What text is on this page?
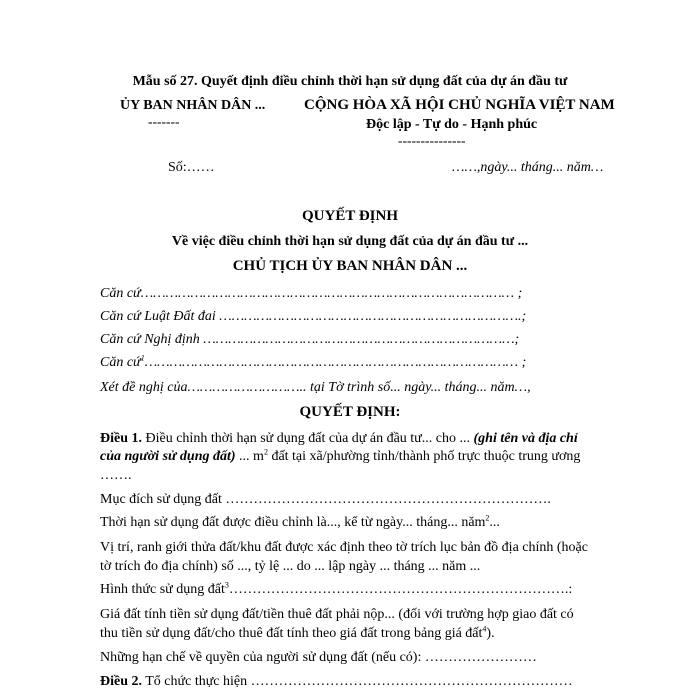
Mẫu số 27. Quyết định điều chỉnh thời hạn sử dụng đất của dự án đầu tư
ỦY BAN NHÂN DÂN ...
-------
CỘNG HÒA XÃ HỘI CHỦ NGHĨA VIỆT NAM
Độc lập - Tự do - Hạnh phúc
---------------
Số:……	……,ngày... tháng... năm…
QUYẾT ĐỊNH
Về việc điều chỉnh thời hạn sử dụng đất của dự án đầu tư ...
CHỦ TỊCH ỦY BAN NHÂN DÂN ...
Căn cứ……………………………………………………………………………… ;
Căn cứ Luật Đất đai ……………………………………………………………….;
Căn cứ Nghị định …………………………………………………………………;
Căn cứ$^1$……………………………………………………………………………… ;
Xét đề nghị của……………………….. tại Tờ trình số... ngày... tháng... năm…,
QUYẾT ĐỊNH:
Điều 1. Điều chỉnh thời hạn sử dụng đất của dự án đầu tư... cho ... (ghi tên và địa chỉ
của người sử dụng đất) ... $m^2$ đất tại xã/phường tỉnh/thành phố trực thuộc trung ương
…….
Mục đích sử dụng đất …………………………………………………………….
Thời hạn sử dụng đất được điều chỉnh là..., kể từ ngày... tháng... năm$^2$...
Vị trí, ranh giới thửa đất/khu đất được xác định theo tờ trích lục bản đồ địa chính (hoặc
tờ trích đo địa chính) số ..., tỷ lệ ... do ... lập ngày ... tháng ... năm ...
Hình thức sử dụng đất$^3$……………………………………………………………….:
Giá đất tính tiền sử dụng đất/tiền thuê đất phải nộp... (đối với trường hợp giao đất có
thu tiền sử dụng đất/cho thuê đất tính theo giá đất trong bảng giá đất$^4$).
Những hạn chế về quyền của người sử dụng đất (nếu có): ……………………
Điều 2. Tổ chức thực hiện ……………………………………………………………
